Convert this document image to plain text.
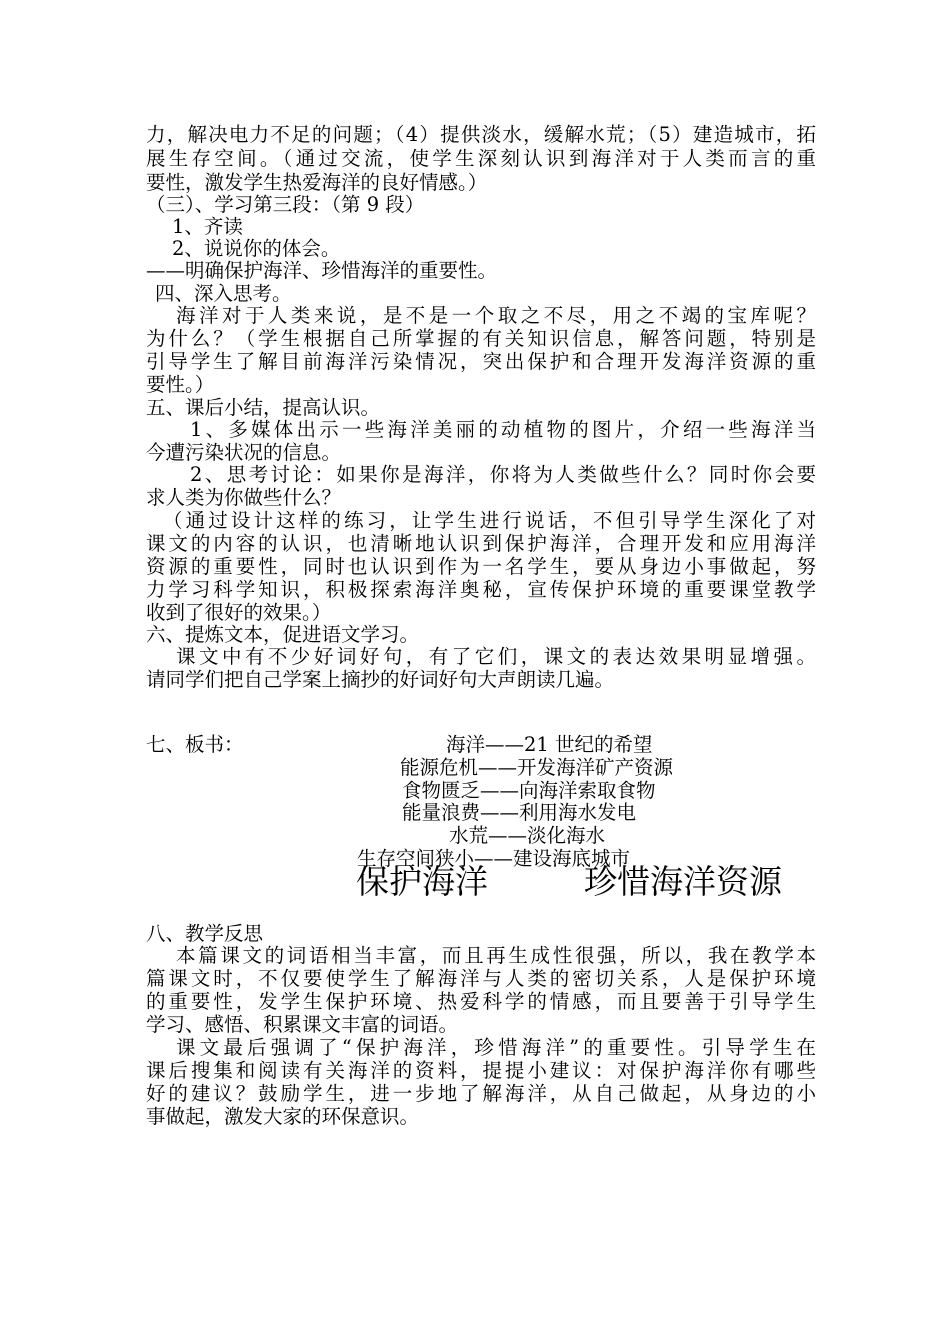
力，解决电力不足的问题；（4）提供淡水，缓解水荒；（5）建造城市，拓
展生存空间。（通过交流，使学生深刻认识到海洋对于人类而言的重
要性，激发学生热爱海洋的良好情感。）
（三）、学习第三段：（第 9 段）
1、齐读
2、说说你的体会。
——明确保护海洋、珍惜海洋的重要性。
四、深入思考。
海洋对于人类来说，是不是一个取之不尽，用之不竭的宝库呢？
为什么？（学生根据自己所掌握的有关知识信息，解答问题，特别是
引导学生了解目前海洋污染情况，突出保护和合理开发海洋资源的重
要性。）
五、课后小结，提高认识。
1、多媒体出示一些海洋美丽的动植物的图片，介绍一些海洋当
今遭污染状况的信息。
2、思考讨论：如果你是海洋，你将为人类做些什么？同时你会要
求人类为你做些什么？
（通过设计这样的练习，让学生进行说话，不但引导学生深化了对
课文的内容的认识，也清晰地认识到保护海洋，合理开发和应用海洋
资源的重要性，同时也认识到作为一名学生，要从身边小事做起，努
力学习科学知识，积极探索海洋奥秘，宣传保护环境的重要课堂教学
收到了很好的效果。）
六、提炼文本，促进语文学习。
课文中有不少好词好句，有了它们，课文的表达效果明显增强。
请同学们把自己学案上摘抄的好词好句大声朗读几遍。
七、板书：	海洋——21 世纪的希望
能源危机——开发海洋矿产资源
食物匮乏——向海洋索取食物
能量浪费——利用海水发电
水荒——淡化海水
生存空间狭小——建设海底城市
保护海洋	珍惜海洋资源
八、教学反思
本篇课文的词语相当丰富，而且再生成性很强，所以，我在教学本
篇课文时，不仅要使学生了解海洋与人类的密切关系，人是保护环境
的重要性，发学生保护环境、热爱科学的情感，而且要善于引导学生
学习、感悟、积累课文丰富的词语。
课文最后强调了“保护海洋，珍惜海洋”的重要性。引导学生在
课后搜集和阅读有关海洋的资料，提提小建议：对保护海洋你有哪些
好的建议？鼓励学生，进一步地了解海洋，从自己做起，从身边的小
事做起，激发大家的环保意识。
